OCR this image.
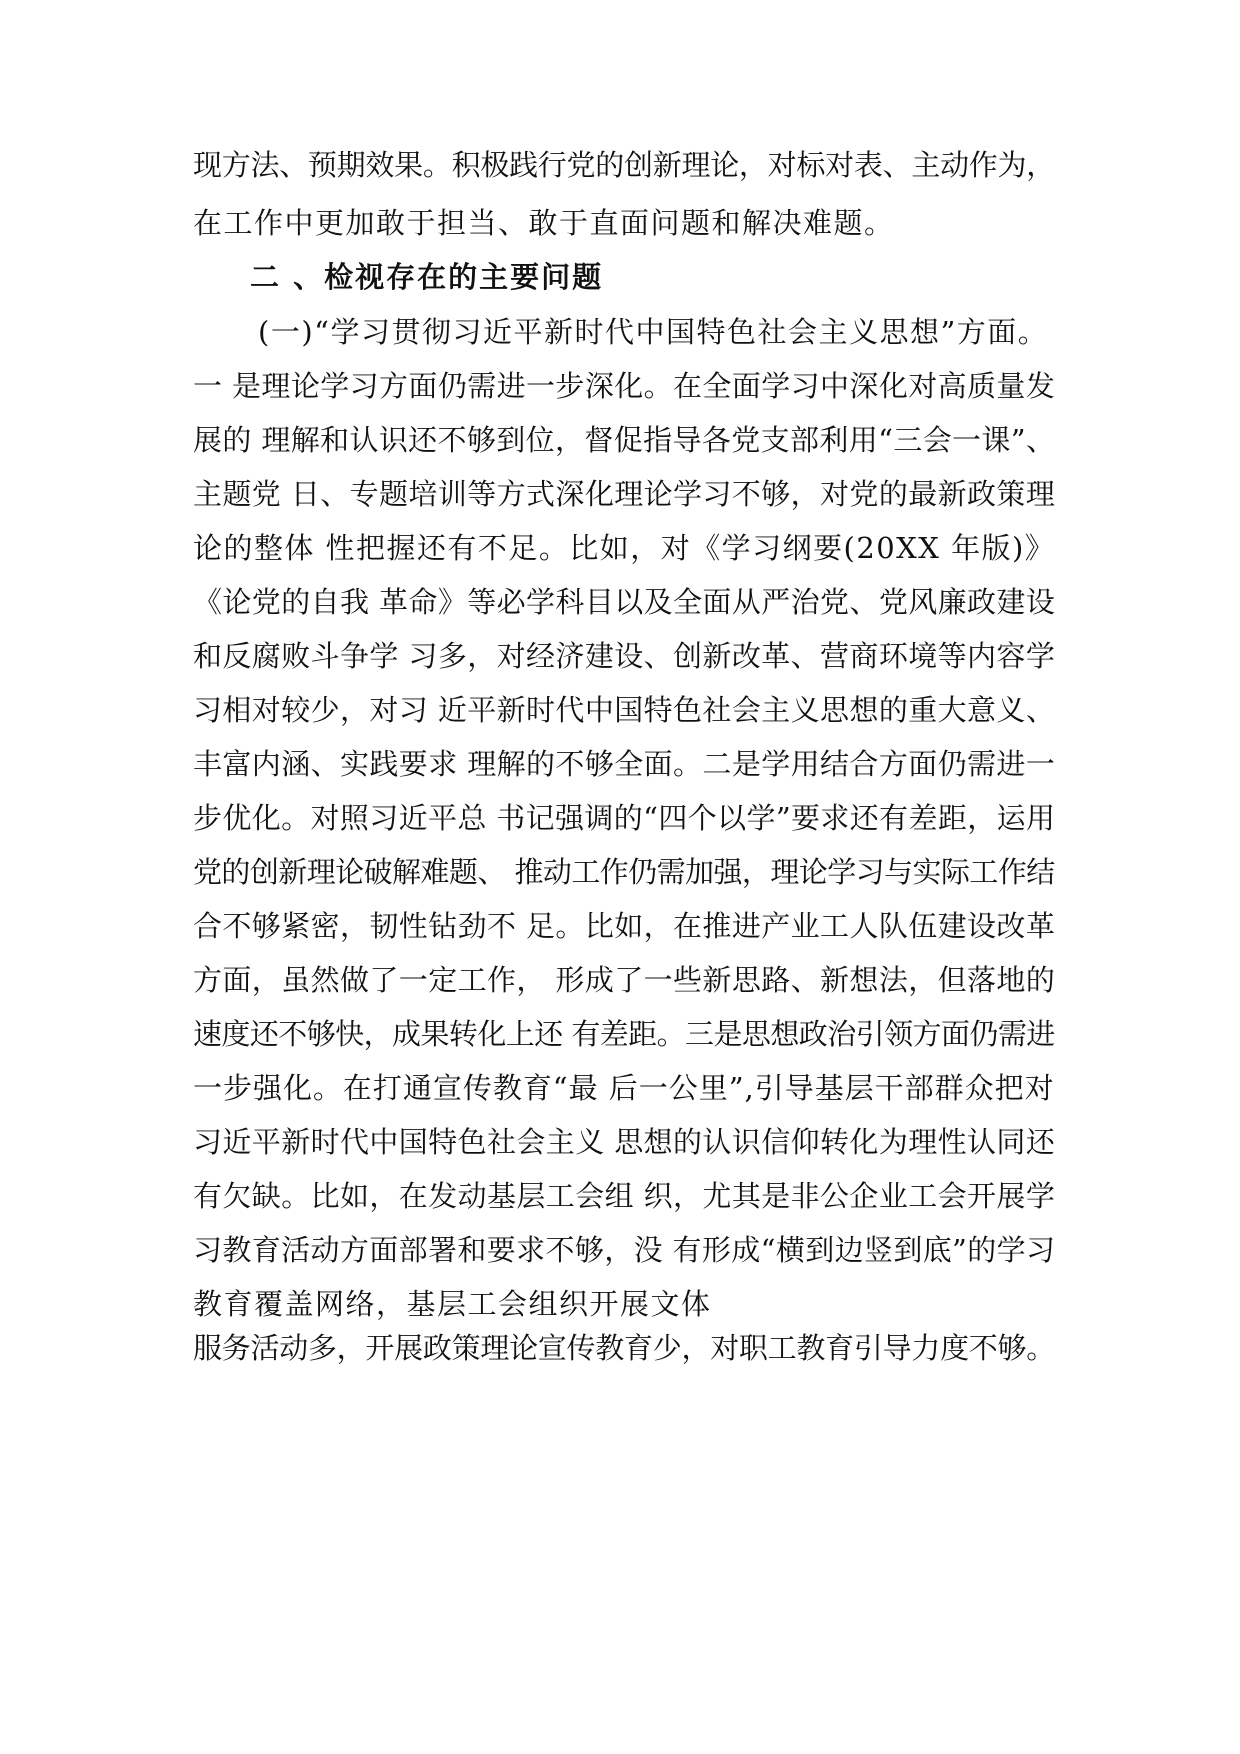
现方法、预期效果。积极践行党的创新理论，对标对表、主动作为，
在工作中更加敢于担当、敢于直面问题和解决难题。
二 、检视存在的主要问题
(一)“学习贯彻习近平新时代中国特色社会主义思想”方面。
一 是理论学习方面仍需进一步深化。在全面学习中深化对高质量发
展的 理解和认识还不够到位，督促指导各党支部利用“三会一课”、
主题党 日、专题培训等方式深化理论学习不够，对党的最新政策理
论的整体 性把握还有不足。比如，对《学习纲要(20XX 年版)》
《论党的自我 革命》等必学科目以及全面从严治党、党风廉政建设
和反腐败斗争学 习多，对经济建设、创新改革、营商环境等内容学
习相对较少，对习 近平新时代中国特色社会主义思想的重大意义、
丰富内涵、实践要求 理解的不够全面。二是学用结合方面仍需进一
步优化。对照习近平总 书记强调的“四个以学”要求还有差距，运用
党的创新理论破解难题、 推动工作仍需加强，理论学习与实际工作结
合不够紧密，韧性钻劲不 足。比如，在推进产业工人队伍建设改革
方面，虽然做了一定工作， 形成了一些新思路、新想法，但落地的
速度还不够快，成果转化上还 有差距。三是思想政治引领方面仍需进
一步强化。在打通宣传教育“最 后一公里”,引导基层干部群众把对
习近平新时代中国特色社会主义 思想的认识信仰转化为理性认同还
有欠缺。比如，在发动基层工会组 织，尤其是非公企业工会开展学
习教育活动方面部署和要求不够，没 有形成“横到边竖到底”的学习
教育覆盖网络，基层工会组织开展文体
服务活动多，开展政策理论宣传教育少，对职工教育引导力度不够。
